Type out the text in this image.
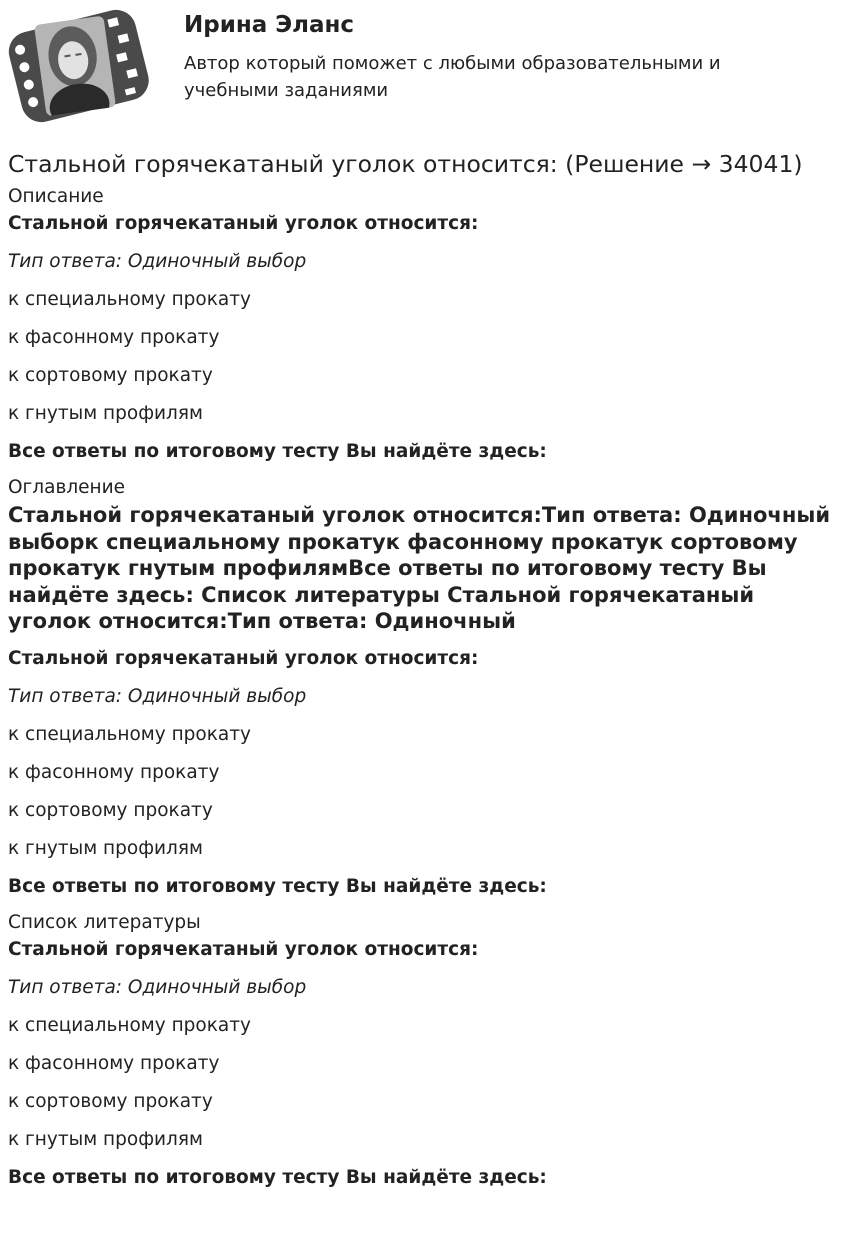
Ирина Эланс
Автор который поможет с любыми образовательными и учебными заданиями
Стальной горячекатаный уголок относится: (Решение → 34041)
Описание
Стальной горячекатаный уголок относится:
Тип ответа: Одиночный выбор
к специальному прокату
к фасонному прокату
к сортовому прокату
к гнутым профилям
Все ответы по итоговому тесту Вы найдёте здесь:
Оглавление
Стальной горячекатаный уголок относится:Тип ответа: Одиночный выборк специальному прокатук фасонному прокатук сортовому прокатук гнутым профилямВсе ответы по итоговому тесту Вы найдёте здесь: Список литературы Стальной горячекатаный уголок относится:Тип ответа: Одиночный
Стальной горячекатаный уголок относится:
Тип ответа: Одиночный выбор
к специальному прокату
к фасонному прокату
к сортовому прокату
к гнутым профилям
Все ответы по итоговому тесту Вы найдёте здесь:
Список литературы
Стальной горячекатаный уголок относится:
Тип ответа: Одиночный выбор
к специальному прокату
к фасонному прокату
к сортовому прокату
к гнутым профилям
Все ответы по итоговому тесту Вы найдёте здесь:
